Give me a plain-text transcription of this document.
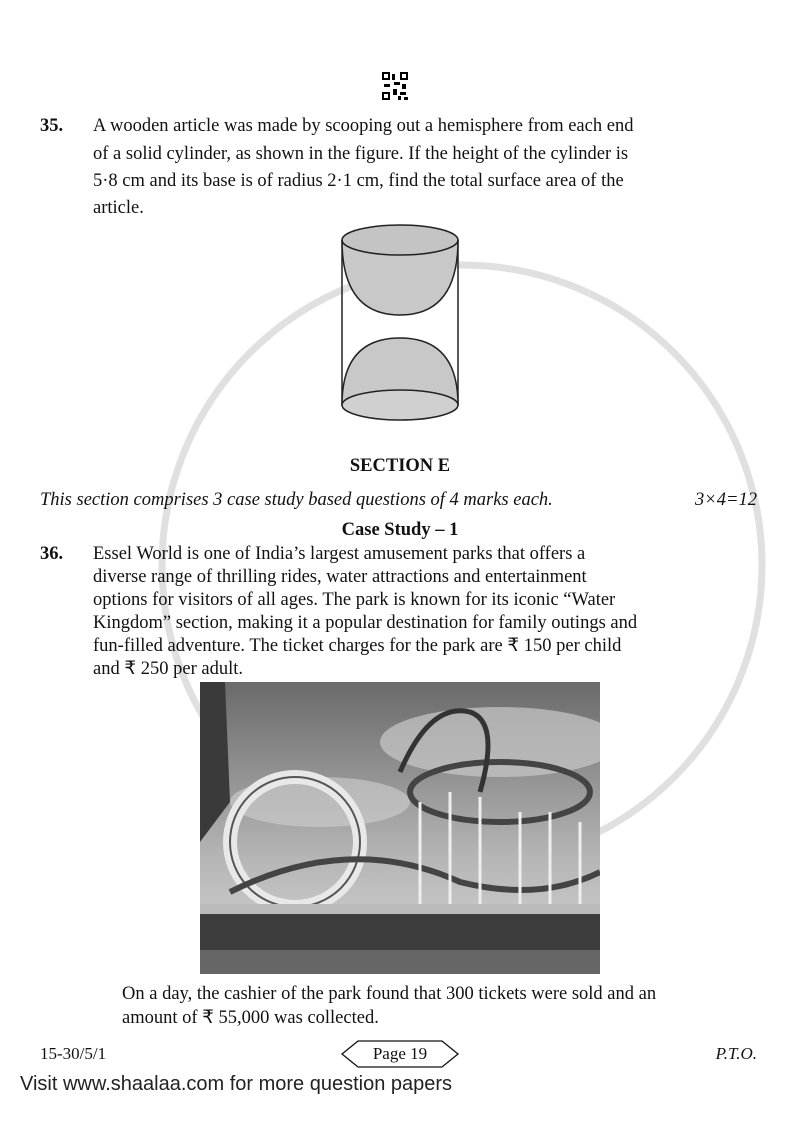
35. A wooden article was made by scooping out a hemisphere from each end
of a solid cylinder, as shown in the figure. If the height of the cylinder is
5·8 cm and its base is of radius 2·1 cm, find the total surface area of the
article.
SECTION E
This section comprises 3 case study based questions of 4 marks each.	3×4=12
Case Study – 1
36. Essel World is one of India’s largest amusement parks that offers a
diverse range of thrilling rides, water attractions and entertainment
options for visitors of all ages. The park is known for its iconic “Water
Kingdom” section, making it a popular destination for family outings and
fun-filled adventure. The ticket charges for the park are ₹ 150 per child
and ₹ 250 per adult.
On a day, the cashier of the park found that 300 tickets were sold and an
amount of ₹ 55,000 was collected.
15-30/5/1	Page 19	P.T.O.
Visit www.shaalaa.com for more question papers
